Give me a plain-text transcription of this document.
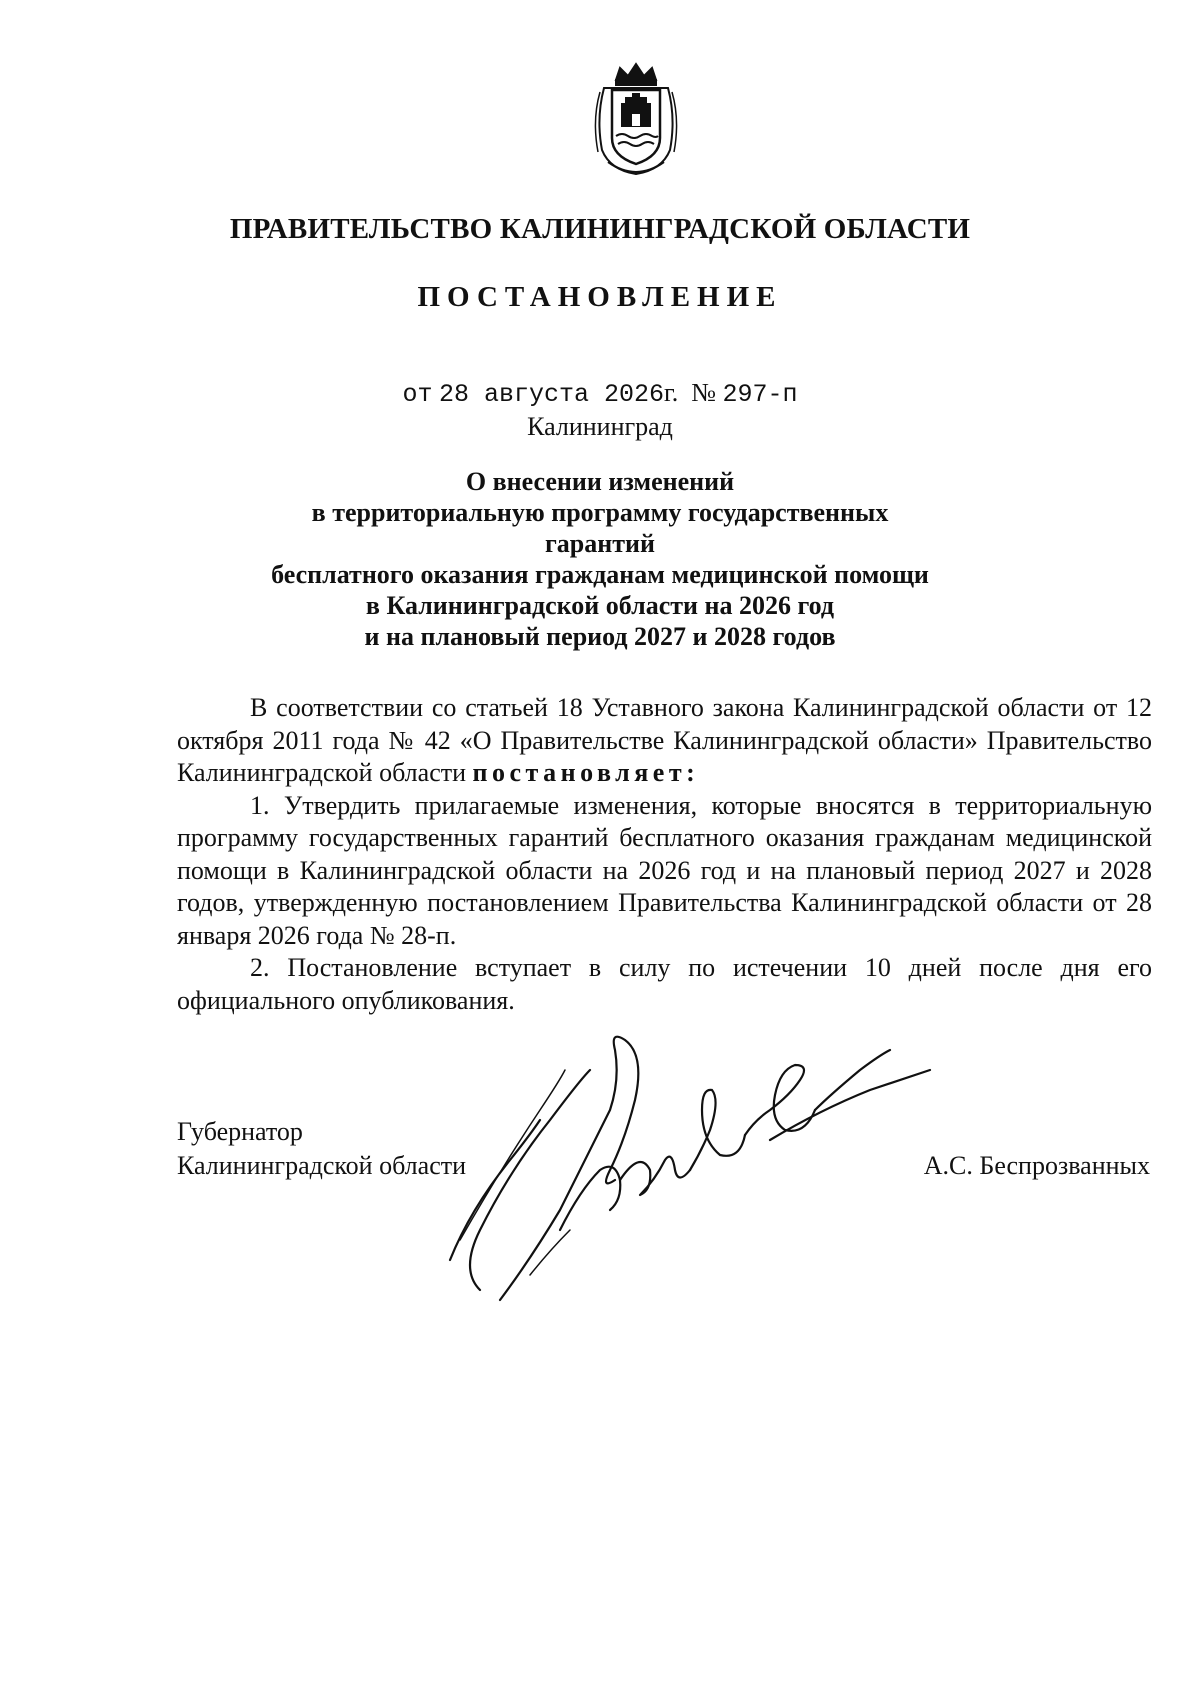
ПРАВИТЕЛЬСТВО КАЛИНИНГРАДСКОЙ ОБЛАСТИ
ПОСТАНОВЛЕНИЕ
от 28 августа 2026г. № 297-п
Калининград
О внесении изменений
в территориальную программу государственных гарантий
бесплатного оказания гражданам медицинской помощи
в Калининградской области на 2026 год
и на плановый период 2027 и 2028 годов

В соответствии со статьей 18 Уставного закона Калининградской области от 12 октября 2011 года № 42 «О Правительстве Калининградской области» Правительство Калининградской области постановляет:

1. Утвердить прилагаемые изменения, которые вносятся в территориальную программу государственных гарантий бесплатного оказания гражданам медицинской помощи в Калининградской области на 2026 год и на плановый период 2027 и 2028 годов, утвержденную постановлением Правительства Калининградской области от 28 января 2026 года № 28-п.

2. Постановление вступает в силу по истечении 10 дней после дня его официального опубликования.

Губернатор
Калининградской области	А.С. Беспрозванных
